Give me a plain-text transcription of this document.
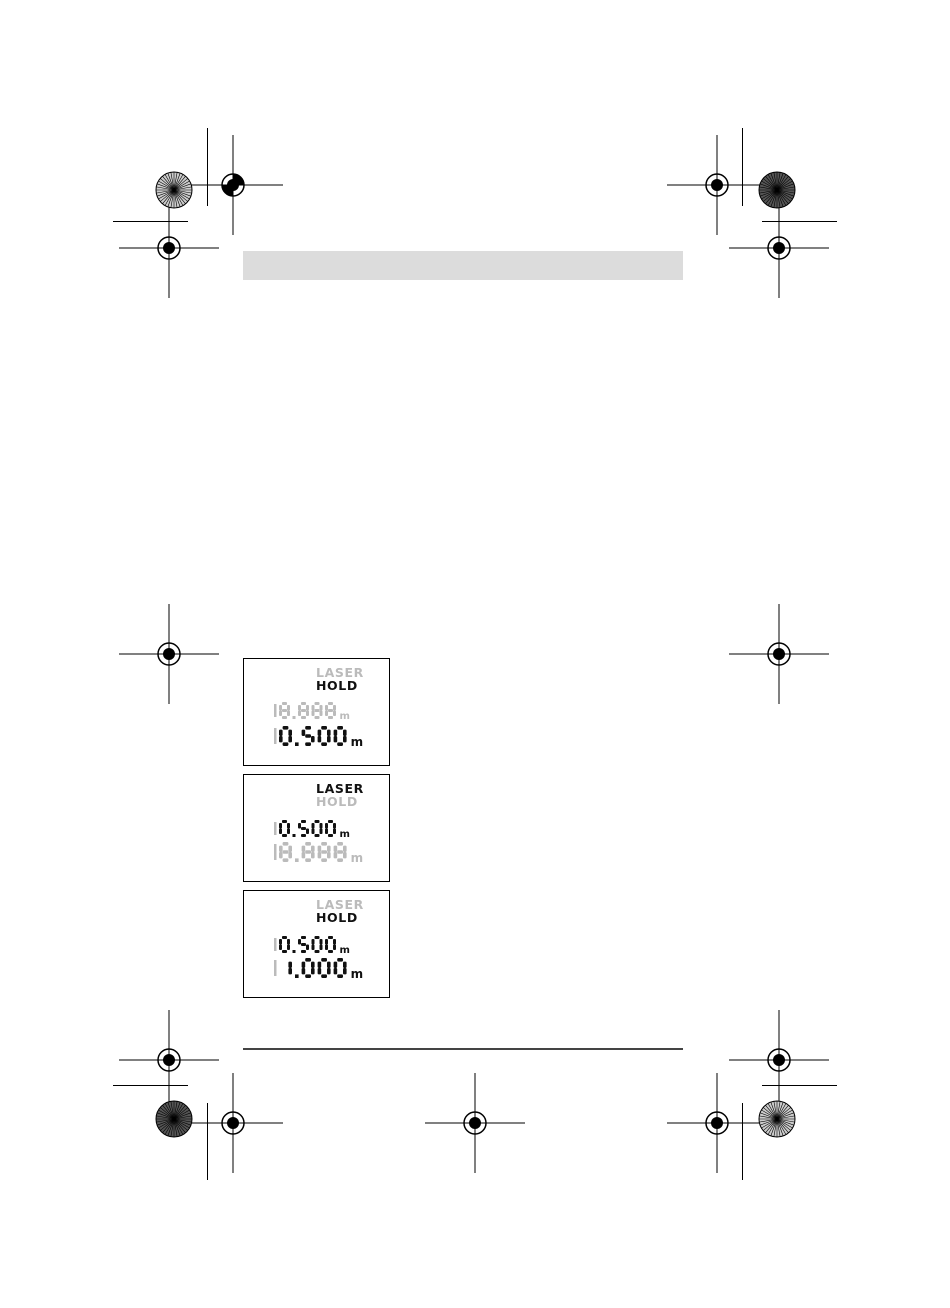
LASER
HOLD
m
m
LASER
HOLD
m
m
LASER
HOLD
m
m
